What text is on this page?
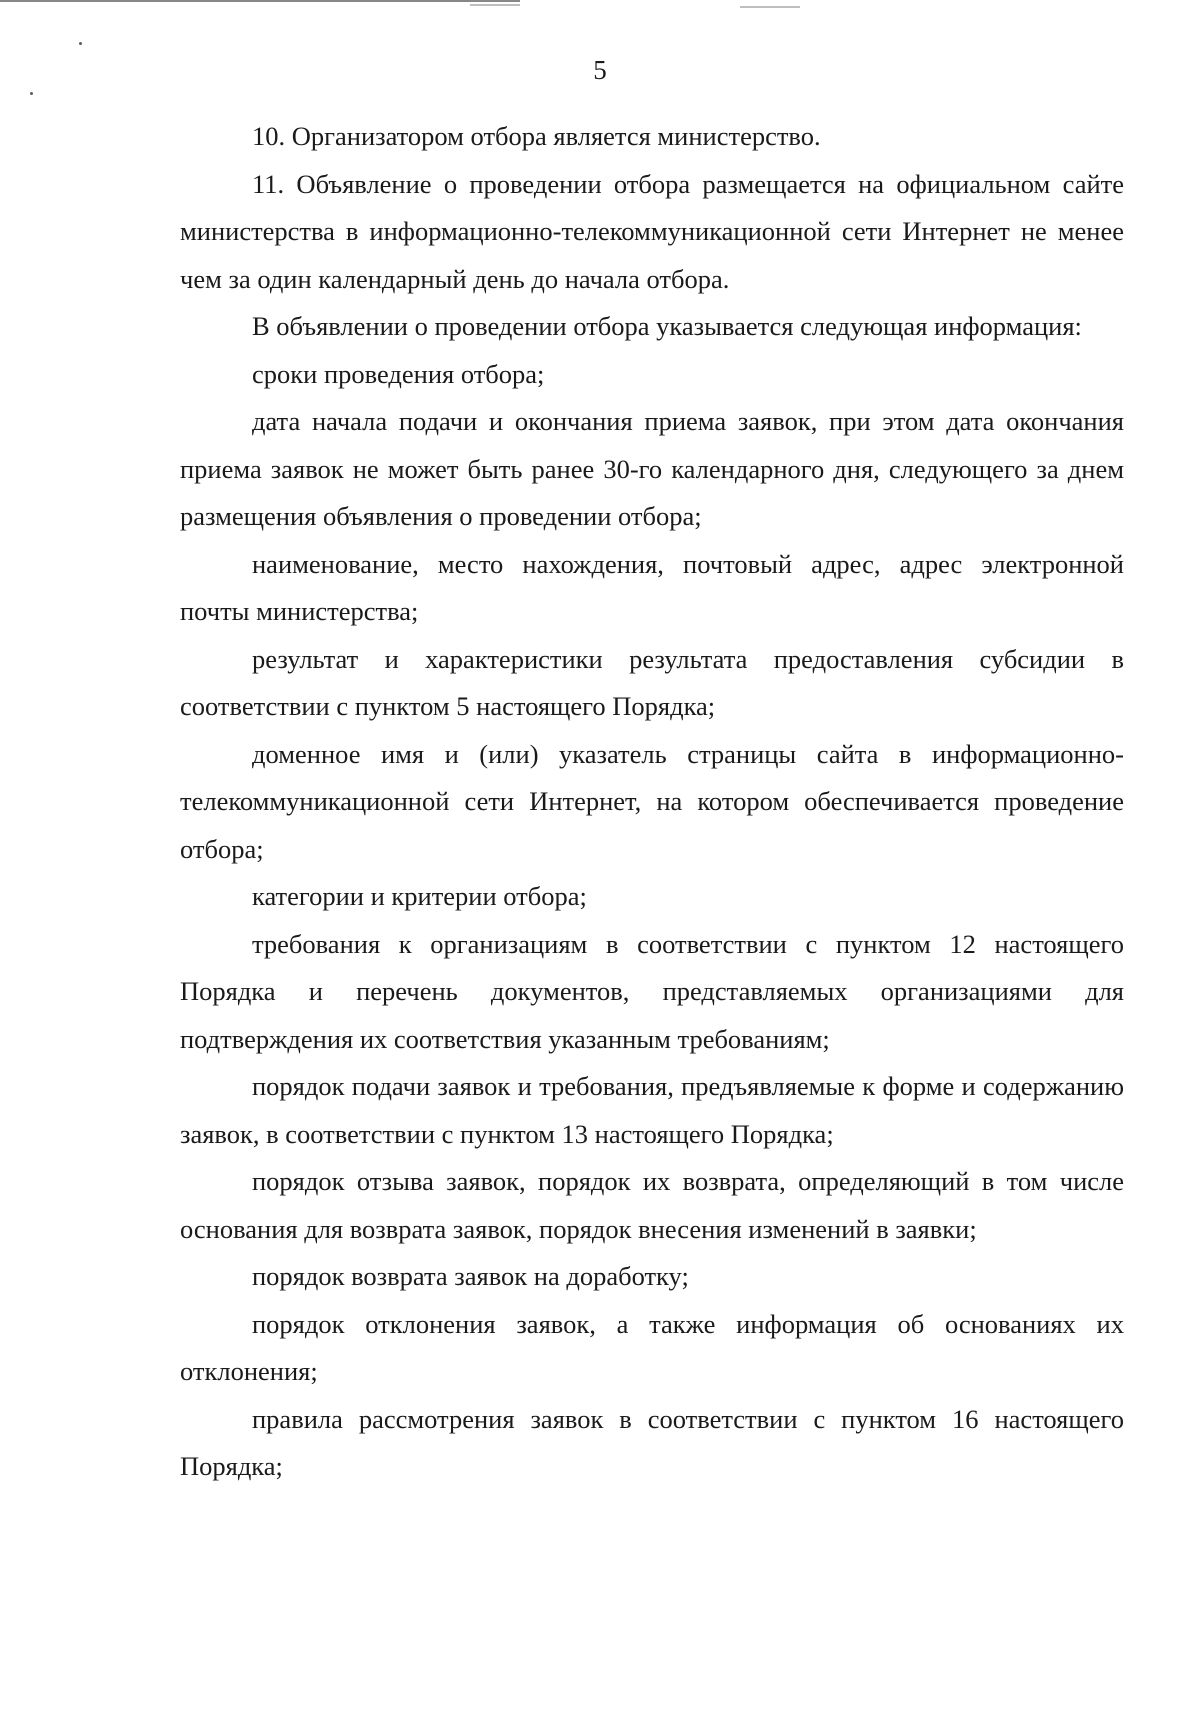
5

10. Организатором отбора является министерство.

11. Объявление о проведении отбора размещается на официальном сайте министерства в информационно-телекоммуникационной сети Интернет не менее чем за один календарный день до начала отбора.

В объявлении о проведении отбора указывается следующая информация:

сроки проведения отбора;

дата начала подачи и окончания приема заявок, при этом дата окончания приема заявок не может быть ранее 30-го календарного дня, следующего за днем размещения объявления о проведении отбора;

наименование, место нахождения, почтовый адрес, адрес электронной почты министерства;

результат и характеристики результата предоставления субсидии в соответствии с пунктом 5 настоящего Порядка;

доменное имя и (или) указатель страницы сайта в информационно-телекоммуникационной сети Интернет, на котором обеспечивается проведение отбора;

категории и критерии отбора;

требования к организациям в соответствии с пунктом 12 настоящего Порядка и перечень документов, представляемых организациями для подтверждения их соответствия указанным требованиям;

порядок подачи заявок и требования, предъявляемые к форме и содержанию заявок, в соответствии с пунктом 13 настоящего Порядка;

порядок отзыва заявок, порядок их возврата, определяющий в том числе основания для возврата заявок, порядок внесения изменений в заявки;

порядок возврата заявок на доработку;

порядок отклонения заявок, а также информация об основаниях их отклонения;

правила рассмотрения заявок в соответствии с пунктом 16 настоящего Порядка;
